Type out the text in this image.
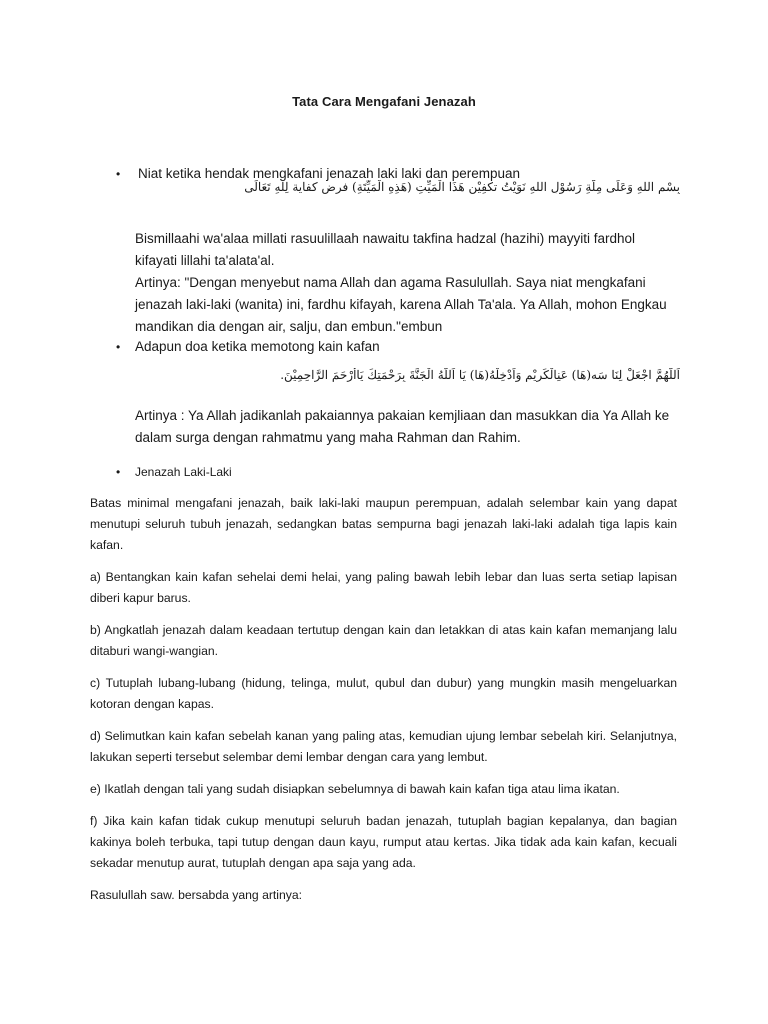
Tata Cara Mengafani Jenazah
• Niat ketika hendak mengkafani jenazah laki laki dan perempuan
بِسْمِ اللهِ وَعَلَى مِلَّةِ رَسُوْلِ اللهِ نَوَيْتُ تكفِيْن هَذَا الْمَيِّتِ (هَذِهِ الْمَيِّتَةِ) فرض كفاية لِلهِ تَعَالَى
Bismillaahi wa'alaa millati rasuulillaah nawaitu takfina hadzal (hazihi) mayyiti fardhol kifayati lillahi ta'alata'al.
Artinya: "Dengan menyebut nama Allah dan agama Rasulullah. Saya niat mengkafani jenazah laki-laki (wanita) ini, fardhu kifayah, karena Allah Ta'ala. Ya Allah, mohon Engkau mandikan dia dengan air, salju, dan embun."embun
• Adapun doa ketika memotong kain kafan
اَللَّهُمَّ اجْعَلْ لِنَا سَه(هَا) عَنِالْكَرِيْمِ وَاَدْخِلْهُ(هَا) يَا اَللَّهُ الْجَنَّةَ بِرَحْمَتِكَ يَاأَرْحَمَ الرَّاحِمِيْنَ.
Artinya : Ya Allah jadikanlah pakaiannya pakaian kemjliaan dan masukkan dia Ya Allah ke dalam surga dengan rahmatmu yang maha Rahman dan Rahim.
• Jenazah Laki-Laki
Batas minimal mengafani jenazah, baik laki-laki maupun perempuan, adalah selembar kain yang dapat menutupi seluruh tubuh jenazah, sedangkan batas sempurna bagi jenazah laki-laki adalah tiga lapis kain kafan.
a) Bentangkan kain kafan sehelai demi helai, yang paling bawah lebih lebar dan luas serta setiap lapisan diberi kapur barus.
b) Angkatlah jenazah dalam keadaan tertutup dengan kain dan letakkan di atas kain kafan memanjang lalu ditaburi wangi-wangian.
c) Tutuplah lubang-lubang (hidung, telinga, mulut, qubul dan dubur) yang mungkin masih mengeluarkan kotoran dengan kapas.
d) Selimutkan kain kafan sebelah kanan yang paling atas, kemudian ujung lembar sebelah kiri. Selanjutnya, lakukan seperti tersebut selembar demi lembar dengan cara yang lembut.
e) Ikatlah dengan tali yang sudah disiapkan sebelumnya di bawah kain kafan tiga atau lima ikatan.
f) Jika kain kafan tidak cukup menutupi seluruh badan jenazah, tutuplah bagian kepalanya, dan bagian kakinya boleh terbuka, tapi tutup dengan daun kayu, rumput atau kertas. Jika tidak ada kain kafan, kecuali sekadar menutup aurat, tutuplah dengan apa saja yang ada.
Rasulullah saw. bersabda yang artinya:
